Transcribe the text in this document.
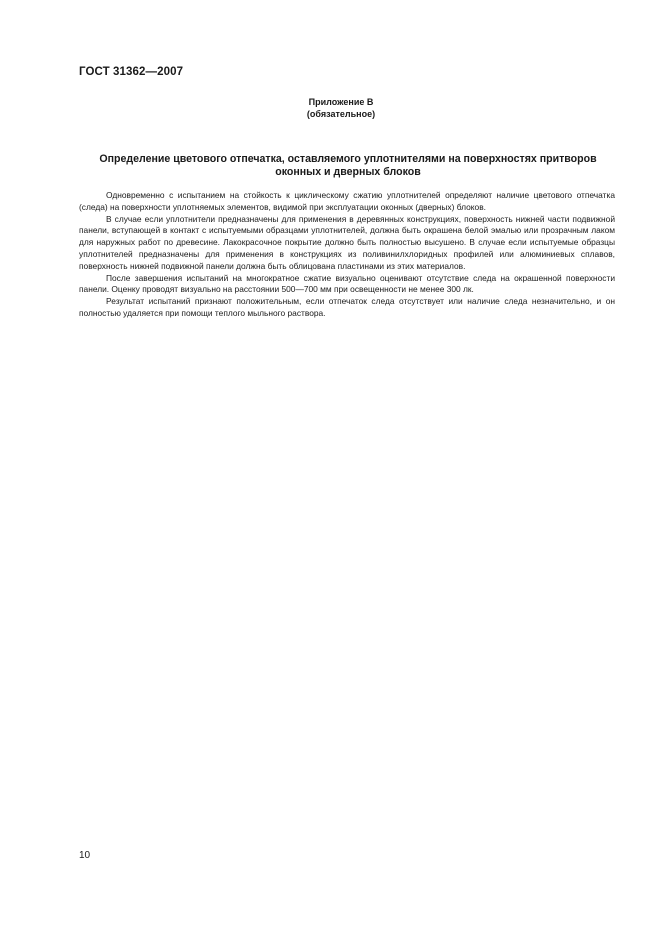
ГОСТ 31362—2007
Приложение В
(обязательное)
Определение цветового отпечатка, оставляемого уплотнителями на поверхностях притворов
оконных и дверных блоков

Одновременно с испытанием на стойкость к циклическому сжатию уплотнителей определяют наличие цветового отпечатка (следа) на поверхности уплотняемых элементов, видимой при эксплуатации оконных (дверных) блоков.

В случае если уплотнители предназначены для применения в деревянных конструкциях, поверхность нижней части подвижной панели, вступающей в контакт с испытуемыми образцами уплотнителей, должна быть окрашена белой эмалью или прозрачным лаком для наружных работ по древесине. Лакокрасочное покрытие должно быть полностью высушено. В случае если испытуемые образцы уплотнителей предназначены для применения в конструкциях из поливинилхлоридных профилей или алюминиевых сплавов, поверхность нижней подвижной панели должна быть облицована пластинами из этих материалов.

После завершения испытаний на многократное сжатие визуально оценивают отсутствие следа на окрашенной поверхности панели. Оценку проводят визуально на расстоянии 500—700 мм при освещенности не менее 300 лк.

Результат испытаний признают положительным, если отпечаток следа отсутствует или наличие следа незначительно, и он полностью удаляется при помощи теплого мыльного раствора.

10
